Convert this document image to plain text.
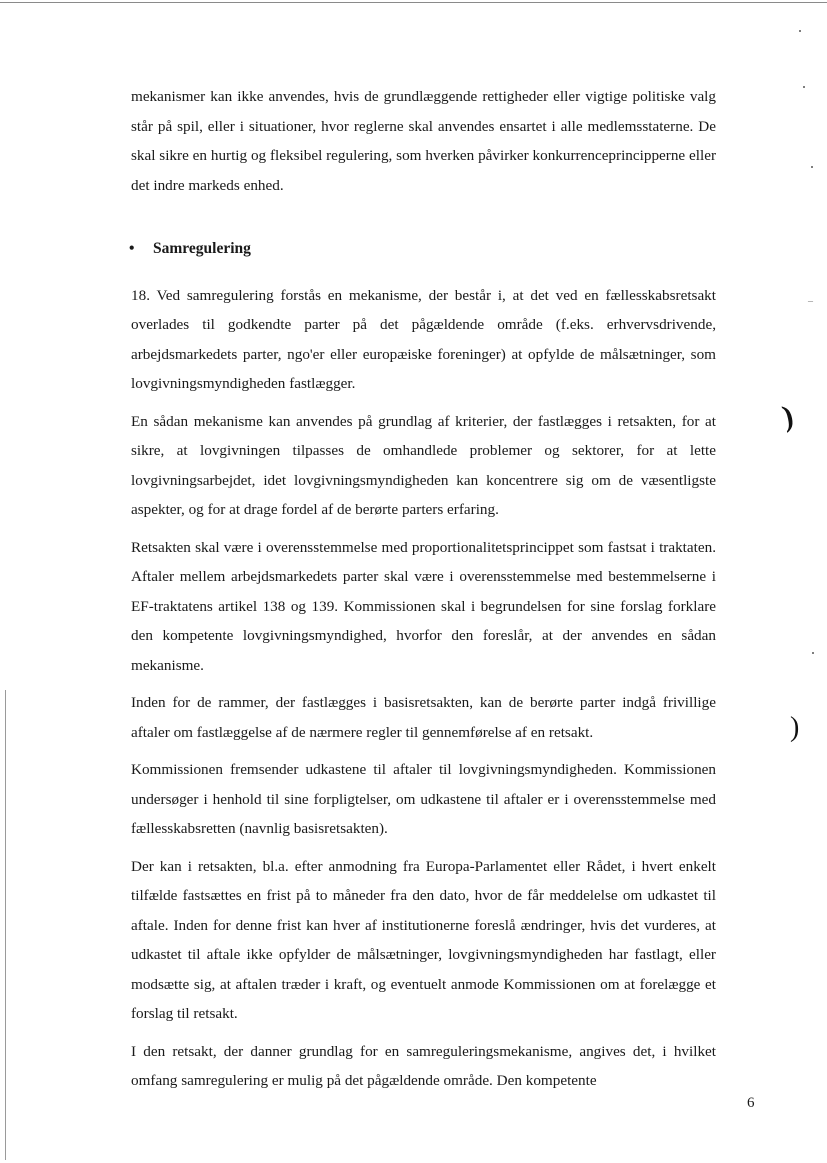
mekanismer kan ikke anvendes, hvis de grundlæggende rettigheder eller vigtige politiske valg står på spil, eller i situationer, hvor reglerne skal anvendes ensartet i alle medlemsstaterne. De skal sikre en hurtig og fleksibel regulering, som hverken påvirker konkurrenceprincipperne eller det indre markeds enhed.

• Samregulering

18. Ved samregulering forstås en mekanisme, der består i, at det ved en fællesskabsretsakt overlades til godkendte parter på det pågældende område (f.eks. erhvervsdrivende, arbejdsmarkedets parter, ngo'er eller europæiske foreninger) at opfylde de målsætninger, som lovgivningsmyndigheden fastlægger.

En sådan mekanisme kan anvendes på grundlag af kriterier, der fastlægges i retsakten, for at sikre, at lovgivningen tilpasses de omhandlede problemer og sektorer, for at lette lovgivningsarbejdet, idet lovgivningsmyndigheden kan koncentrere sig om de væsentligste aspekter, og for at drage fordel af de berørte parters erfaring.

Retsakten skal være i overensstemmelse med proportionalitetsprincippet som fastsat i traktaten. Aftaler mellem arbejdsmarkedets parter skal være i overensstemmelse med bestemmelserne i EF-traktatens artikel 138 og 139. Kommissionen skal i begrundelsen for sine forslag forklare den kompetente lovgivningsmyndighed, hvorfor den foreslår, at der anvendes en sådan mekanisme.

Inden for de rammer, der fastlægges i basisretsakten, kan de berørte parter indgå frivillige aftaler om fastlæggelse af de nærmere regler til gennemførelse af en retsakt.

Kommissionen fremsender udkastene til aftaler til lovgivningsmyndigheden. Kommissionen undersøger i henhold til sine forpligtelser, om udkastene til aftaler er i overensstemmelse med fællesskabsretten (navnlig basisretsakten).

Der kan i retsakten, bl.a. efter anmodning fra Europa-Parlamentet eller Rådet, i hvert enkelt tilfælde fastsættes en frist på to måneder fra den dato, hvor de får meddelelse om udkastet til aftale. Inden for denne frist kan hver af institutionerne foreslå ændringer, hvis det vurderes, at udkastet til aftale ikke opfylder de målsætninger, lovgivningsmyndigheden har fastlagt, eller modsætte sig, at aftalen træder i kraft, og eventuelt anmode Kommissionen om at forelægge et forslag til retsakt.

I den retsakt, der danner grundlag for en samreguleringsmekanisme, angives det, i hvilket omfang samregulering er mulig på det pågældende område. Den kompetente

6
)
)
–
